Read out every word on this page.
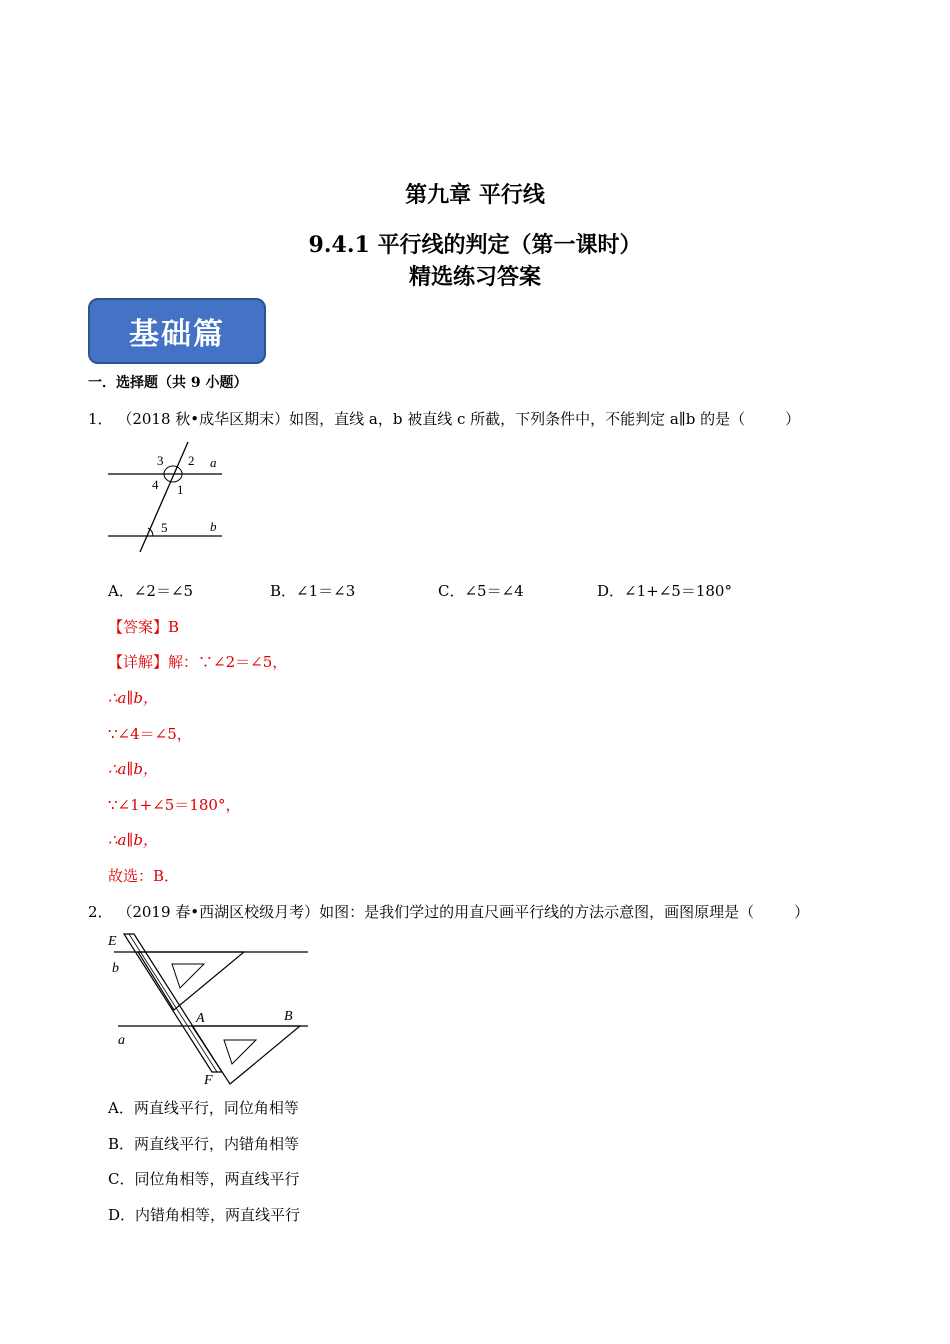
第九章 平行线
9.4.1 平行线的判定（第一课时）
精选练习答案
基础篇
一．选择题（共 9 小题）
1． （2018 秋•成华区期末）如图，直线 a，b 被直线 c 所截，下列条件中，不能判定 a∥b 的是（	）
3 2 a
4 1
5	b
A．∠2＝∠5	B．∠1＝∠3	C．∠5＝∠4	D．∠1+∠5＝180°
【答案】B
【详解】解：∵∠2＝∠5，
∴a∥b，
∵∠4＝∠5，
∴a∥b，
∵∠1+∠5＝180°，
∴a∥b，
故选：B．
2． （2019 春•西湖区校级月考）如图：是我们学过的用直尺画平行线的方法示意图，画图原理是（	）
E
b
A	B
a
F
A．两直线平行，同位角相等
B．两直线平行，内错角相等
C．同位角相等，两直线平行
D．内错角相等，两直线平行
